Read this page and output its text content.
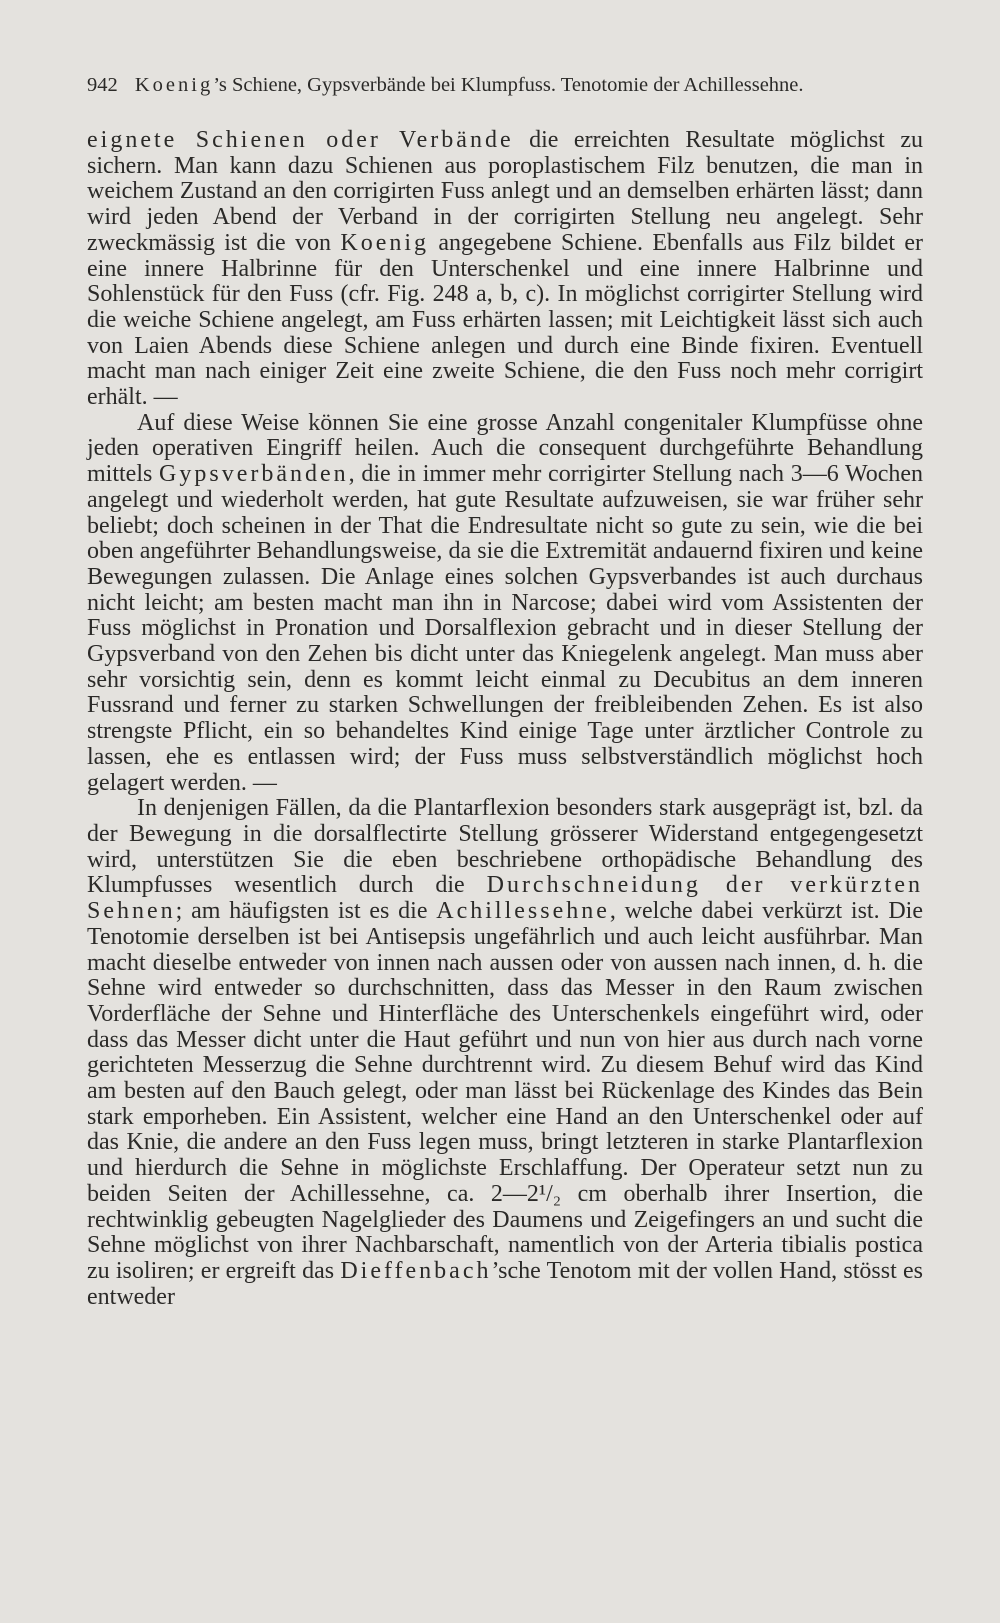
942 Koenig’s Schiene, Gypsverbände bei Klumpfuss. Tenotomie der Achillessehne.

eignete Schienen oder Verbände die erreichten Resultate möglichst zu sichern. Man kann dazu Schienen aus poroplastischem Filz benutzen, die man in weichem Zustand an den corrigirten Fuss anlegt und an demselben erhärten lässt; dann wird jeden Abend der Verband in der corrigirten Stellung neu angelegt. Sehr zweckmässig ist die von Koenig angegebene Schiene. Ebenfalls aus Filz bildet er eine innere Halbrinne für den Unterschenkel und eine innere Halbrinne und Sohlenstück für den Fuss (cfr. Fig. 248 a, b, c). In möglichst corrigirter Stellung wird die weiche Schiene angelegt, am Fuss erhärten lassen; mit Leichtigkeit lässt sich auch von Laien Abends diese Schiene anlegen und durch eine Binde fixiren. Eventuell macht man nach einiger Zeit eine zweite Schiene, die den Fuss noch mehr corrigirt erhält. —

Auf diese Weise können Sie eine grosse Anzahl congenitaler Klumpfüsse ohne jeden operativen Eingriff heilen. Auch die consequent durchgeführte Behandlung mittels Gypsverbänden, die in immer mehr corrigirter Stellung nach 3—6 Wochen angelegt und wiederholt werden, hat gute Resultate aufzuweisen, sie war früher sehr beliebt; doch scheinen in der That die Endresultate nicht so gute zu sein, wie die bei oben angeführter Behandlungsweise, da sie die Extremität andauernd fixiren und keine Bewegungen zulassen. Die Anlage eines solchen Gypsverbandes ist auch durchaus nicht leicht; am besten macht man ihn in Narcose; dabei wird vom Assistenten der Fuss möglichst in Pronation und Dorsalflexion gebracht und in dieser Stellung der Gypsverband von den Zehen bis dicht unter das Kniegelenk angelegt. Man muss aber sehr vorsichtig sein, denn es kommt leicht einmal zu Decubitus an dem inneren Fussrand und ferner zu starken Schwellungen der freibleibenden Zehen. Es ist also strengste Pflicht, ein so behandeltes Kind einige Tage unter ärztlicher Controle zu lassen, ehe es entlassen wird; der Fuss muss selbstverständlich möglichst hoch gelagert werden. —

In denjenigen Fällen, da die Plantarflexion besonders stark ausgeprägt ist, bzl. da der Bewegung in die dorsalflectirte Stellung grösserer Widerstand entgegengesetzt wird, unterstützen Sie die eben beschriebene orthopädische Behandlung des Klumpfusses wesentlich durch die Durchschneidung der verkürzten Sehnen; am häufigsten ist es die Achillessehne, welche dabei verkürzt ist. Die Tenotomie derselben ist bei Antisepsis ungefährlich und auch leicht ausführbar. Man macht dieselbe entweder von innen nach aussen oder von aussen nach innen, d. h. die Sehne wird entweder so durchschnitten, dass das Messer in den Raum zwischen Vorderfläche der Sehne und Hinterfläche des Unterschenkels eingeführt wird, oder dass das Messer dicht unter die Haut geführt und nun von hier aus durch nach vorne gerichteten Messerzug die Sehne durchtrennt wird. Zu diesem Behuf wird das Kind am besten auf den Bauch gelegt, oder man lässt bei Rückenlage des Kindes das Bein stark emporheben. Ein Assistent, welcher eine Hand an den Unterschenkel oder auf das Knie, die andere an den Fuss legen muss, bringt letzteren in starke Plantarflexion und hierdurch die Sehne in möglichste Erschlaffung. Der Operateur setzt nun zu beiden Seiten der Achillessehne, ca. 2—2¹/₂ cm oberhalb ihrer Insertion, die rechtwinklig gebeugten Nagelglieder des Daumens und Zeigefingers an und sucht die Sehne möglichst von ihrer Nachbarschaft, namentlich von der Arteria tibialis postica zu isoliren; er ergreift das Dieffenbach’sche Tenotom mit der vollen Hand, stösst es entweder
